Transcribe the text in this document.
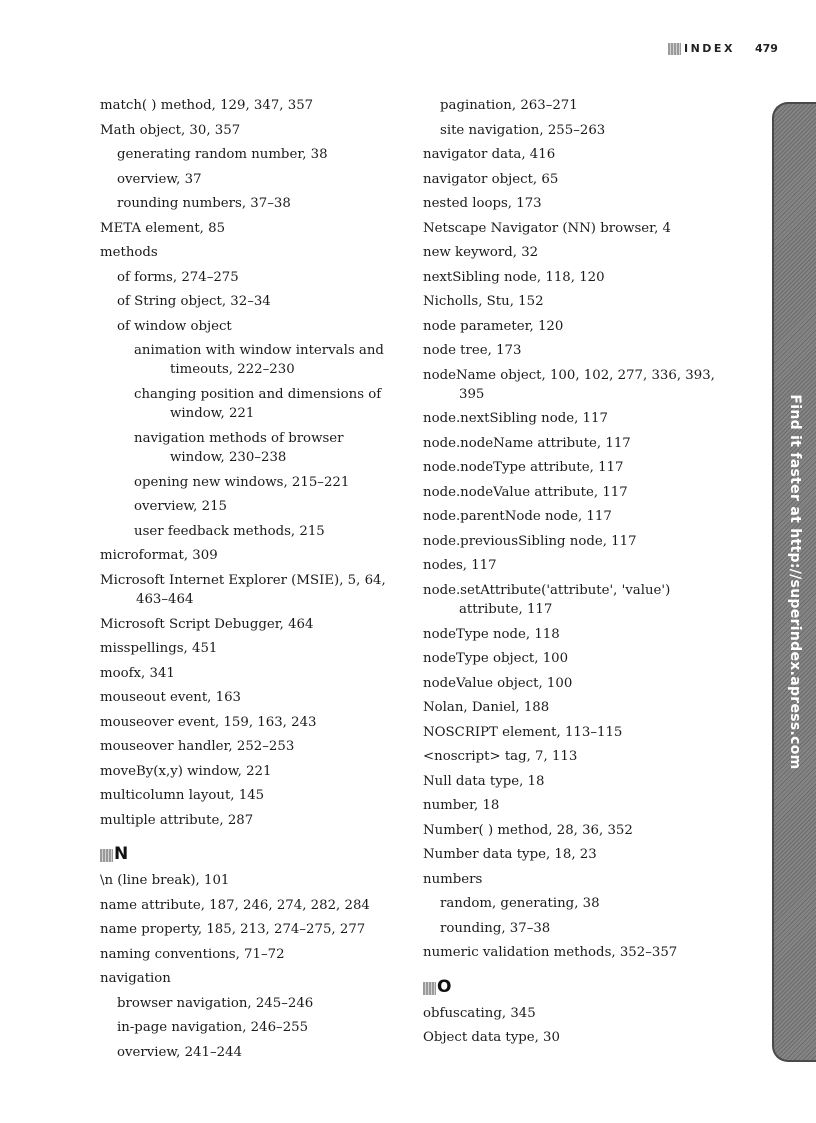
INDEX 479
match( ) method, 129, 347, 357
Math object, 30, 357
generating random number, 38
overview, 37
rounding numbers, 37–38
META element, 85
methods
of forms, 274–275
of String object, 32–34
of window object
animation with window intervals and timeouts, 222–230
changing position and dimensions of window, 221
navigation methods of browser window, 230–238
opening new windows, 215–221
overview, 215
user feedback methods, 215
microformat, 309
Microsoft Internet Explorer (MSIE), 5, 64, 463–464
Microsoft Script Debugger, 464
misspellings, 451
moofx, 341
mouseout event, 163
mouseover event, 159, 163, 243
mouseover handler, 252–253
moveBy(x,y) window, 221
multicolumn layout, 145
multiple attribute, 287
N
\n (line break), 101
name attribute, 187, 246, 274, 282, 284
name property, 185, 213, 274–275, 277
naming conventions, 71–72
navigation
browser navigation, 245–246
in-page navigation, 246–255
overview, 241–244
pagination, 263–271
site navigation, 255–263
navigator data, 416
navigator object, 65
nested loops, 173
Netscape Navigator (NN) browser, 4
new keyword, 32
nextSibling node, 118, 120
Nicholls, Stu, 152
node parameter, 120
node tree, 173
nodeName object, 100, 102, 277, 336, 393, 395
node.nextSibling node, 117
node.nodeName attribute, 117
node.nodeType attribute, 117
node.nodeValue attribute, 117
node.parentNode node, 117
node.previousSibling node, 117
nodes, 117
node.setAttribute('attribute', 'value') attribute, 117
nodeType node, 118
nodeType object, 100
nodeValue object, 100
Nolan, Daniel, 188
NOSCRIPT element, 113–115
<noscript> tag, 7, 113
Null data type, 18
number, 18
Number( ) method, 28, 36, 352
Number data type, 18, 23
numbers
random, generating, 38
rounding, 37–38
numeric validation methods, 352–357
O
obfuscating, 345
Object data type, 30
Find it faster at http://superindex.apress.com
